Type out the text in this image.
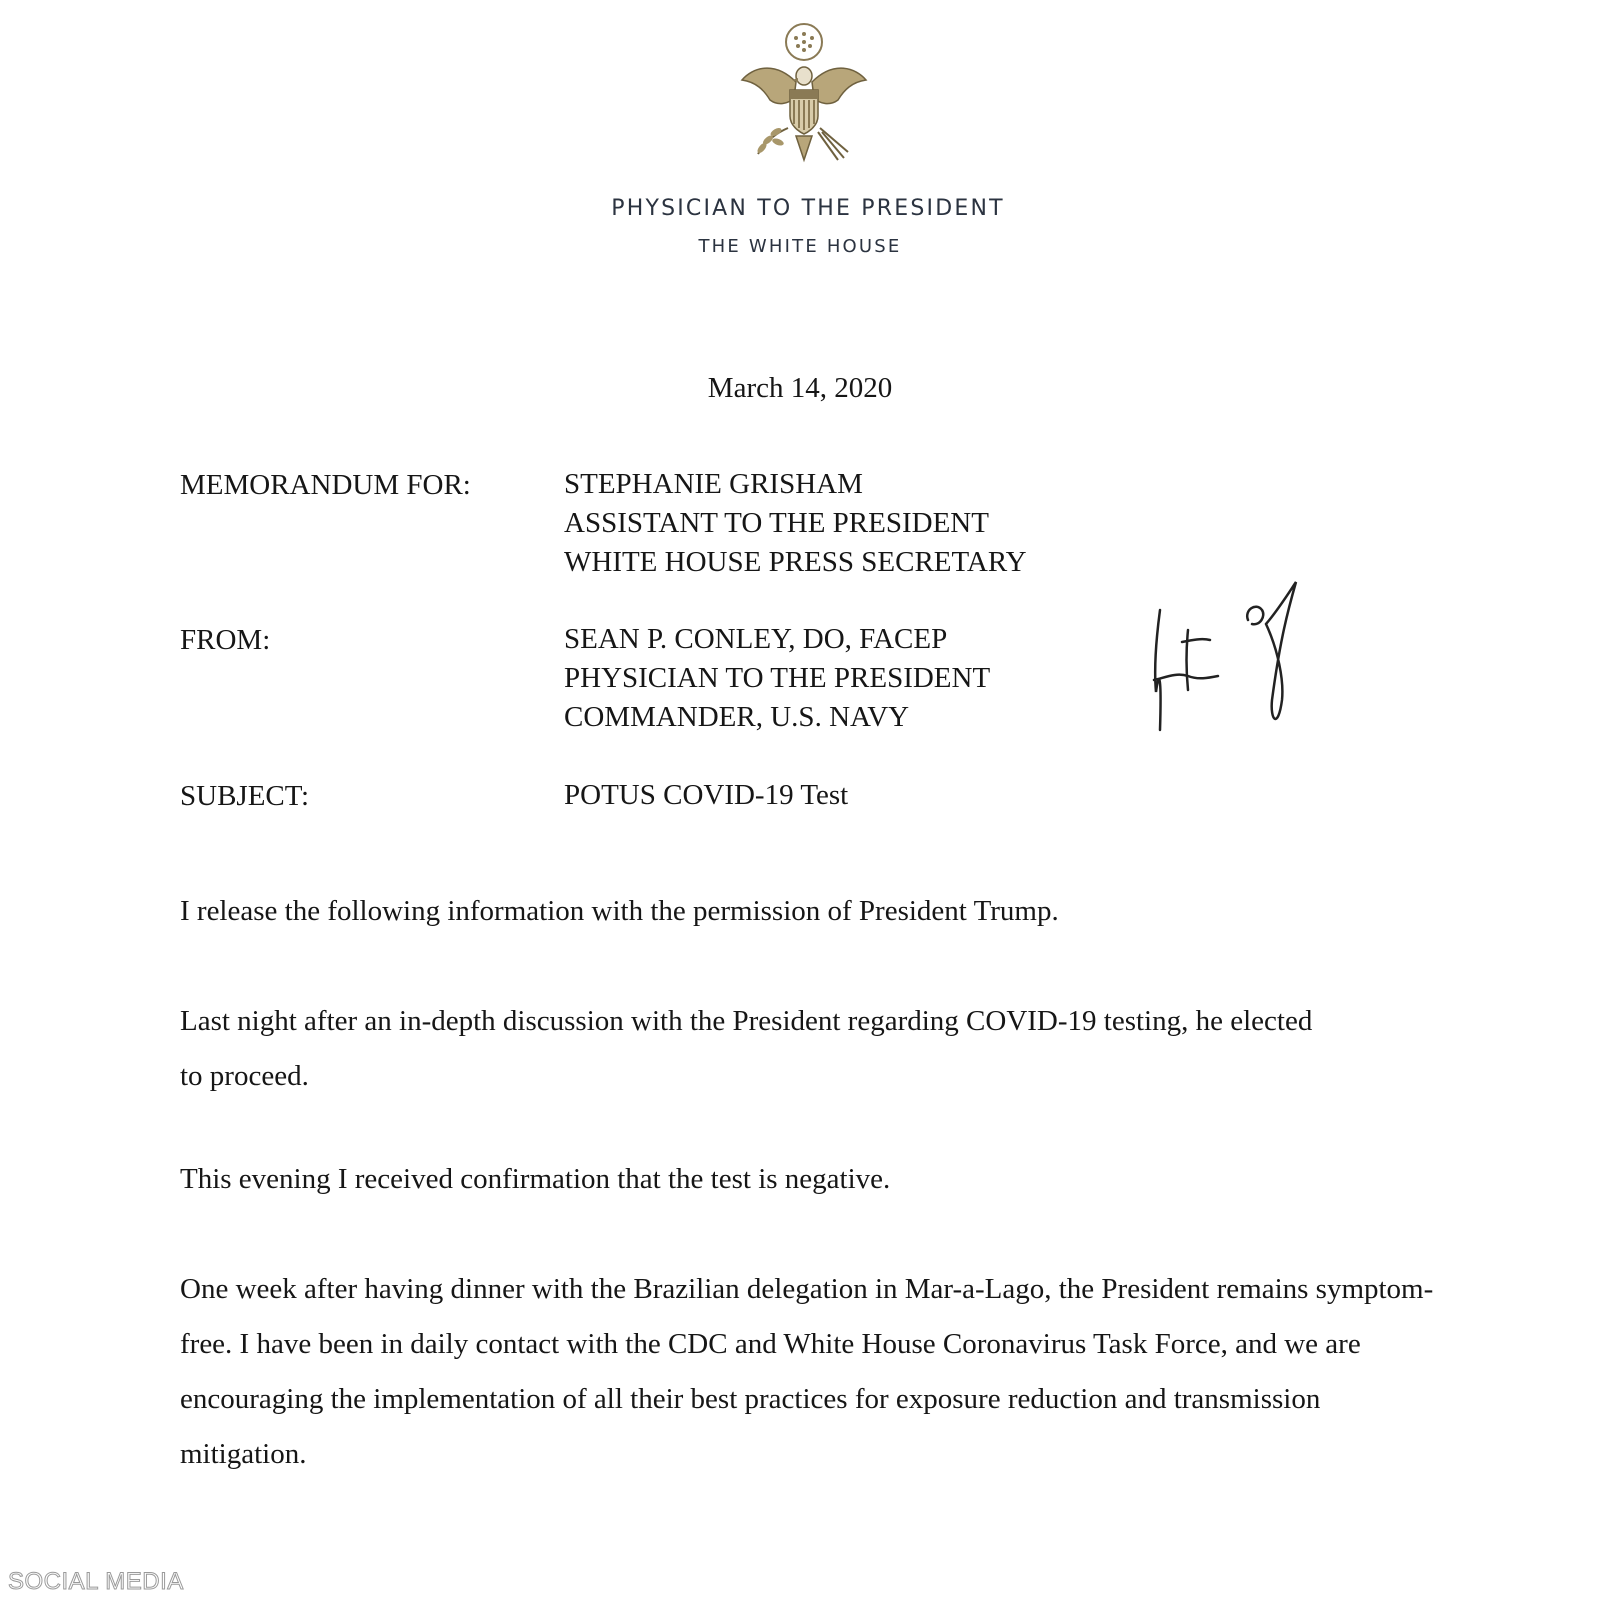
PHYSICIAN TO THE PRESIDENT
THE WHITE HOUSE
March 14, 2020
MEMORANDUM FOR:	STEPHANIE GRISHAM
ASSISTANT TO THE PRESIDENT
WHITE HOUSE PRESS SECRETARY
FROM:	SEAN P. CONLEY, DO, FACEP
PHYSICIAN TO THE PRESIDENT
COMMANDER, U.S. NAVY
SUBJECT:	POTUS COVID-19 Test

I release the following information with the permission of President Trump.

Last night after an in-depth discussion with the President regarding COVID-19 testing, he elected to proceed.

This evening I received confirmation that the test is negative.

One week after having dinner with the Brazilian delegation in Mar-a-Lago, the President remains symptom-free. I have been in daily contact with the CDC and White House Coronavirus Task Force, and we are encouraging the implementation of all their best practices for exposure reduction and transmission mitigation.

SOCIAL MEDIA
